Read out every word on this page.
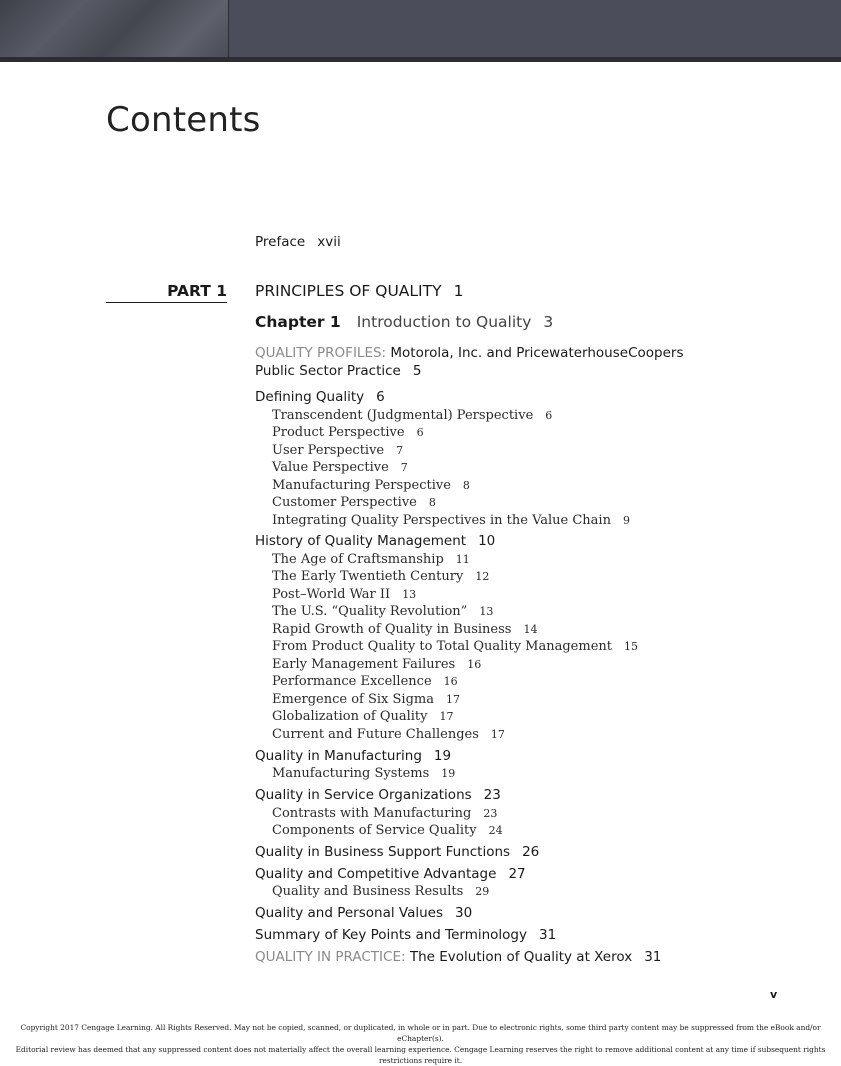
Contents
Preface xvii
PART 1 PRINCIPLES OF QUALITY 1
Chapter 1 Introduction to Quality 3
QUALITY PROFILES: Motorola, Inc. and PricewaterhouseCoopers
Public Sector Practice 5
Defining Quality 6
Transcendent (Judgmental) Perspective 6
Product Perspective 6
User Perspective 7
Value Perspective 7
Manufacturing Perspective 8
Customer Perspective 8
Integrating Quality Perspectives in the Value Chain 9
History of Quality Management 10
The Age of Craftsmanship 11
The Early Twentieth Century 12
Post–World War II 13
The U.S. “Quality Revolution” 13
Rapid Growth of Quality in Business 14
From Product Quality to Total Quality Management 15
Early Management Failures 16
Performance Excellence 16
Emergence of Six Sigma 17
Globalization of Quality 17
Current and Future Challenges 17
Quality in Manufacturing 19
Manufacturing Systems 19
Quality in Service Organizations 23
Contrasts with Manufacturing 23
Components of Service Quality 24
Quality in Business Support Functions 26
Quality and Competitive Advantage 27
Quality and Business Results 29
Quality and Personal Values 30
Summary of Key Points and Terminology 31
QUALITY IN PRACTICE: The Evolution of Quality at Xerox 31
v
Copyright 2017 Cengage Learning. All Rights Reserved. May not be copied, scanned, or duplicated, in whole or in part. Due to electronic rights, some third party content may be suppressed from the eBook and/or eChapter(s).
Editorial review has deemed that any suppressed content does not materially affect the overall learning experience. Cengage Learning reserves the right to remove additional content at any time if subsequent rights restrictions require it.
